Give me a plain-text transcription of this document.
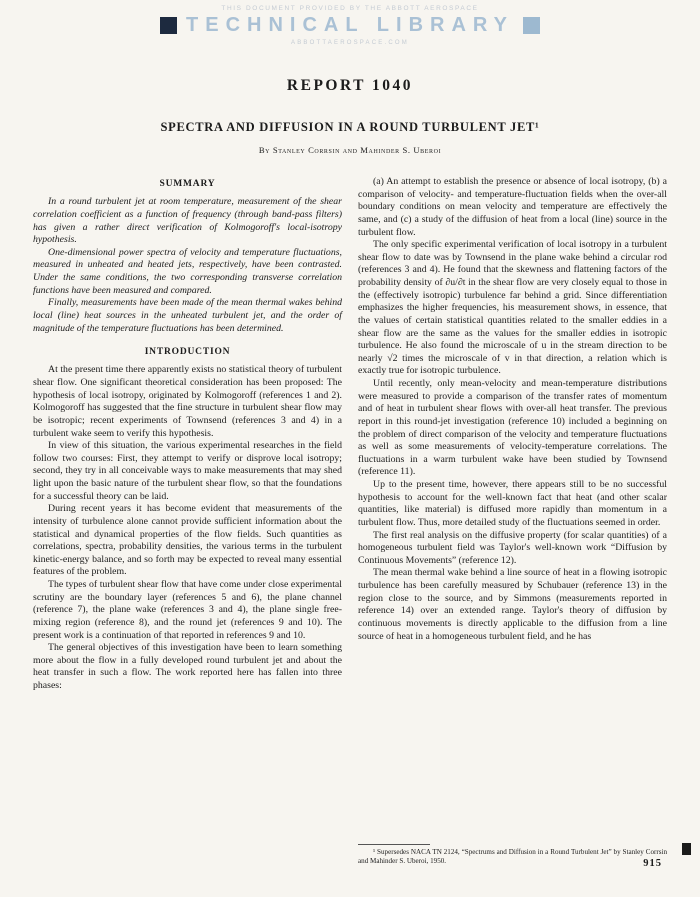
THIS DOCUMENT PROVIDED BY THE ABBOTT AEROSPACE
TECHNICAL LIBRARY
ABBOTTAEROSPACE.COM
REPORT 1040
SPECTRA AND DIFFUSION IN A ROUND TURBULENT JET¹
By Stanley Corrsin and Mahinder S. Uberoi
SUMMARY

In a round turbulent jet at room temperature, measurement of the shear correlation coefficient as a function of frequency (through band-pass filters) has given a rather direct verification of Kolmogoroff's local-isotropy hypothesis.

One-dimensional power spectra of velocity and temperature fluctuations, measured in unheated and heated jets, respectively, have been contrasted. Under the same conditions, the two corresponding transverse correlation functions have been measured and compared.

Finally, measurements have been made of the mean thermal wakes behind local (line) heat sources in the unheated turbulent jet, and the order of magnitude of the temperature fluctuations has been determined.

INTRODUCTION

At the present time there apparently exists no statistical theory of turbulent shear flow. One significant theoretical consideration has been proposed: The hypothesis of local isotropy, originated by Kolmogoroff (references 1 and 2). Kolmogoroff has suggested that the fine structure in turbulent shear flow may be isotropic; recent experiments of Townsend (references 3 and 4) in a turbulent wake seem to verify this hypothesis.

In view of this situation, the various experimental researches in the field follow two courses: First, they attempt to verify or disprove local isotropy; second, they try in all conceivable ways to make measurements that may shed light upon the basic nature of the turbulent shear flow, so that the foundations for a successful theory can be laid.

During recent years it has become evident that measurements of the intensity of turbulence alone cannot provide sufficient information about the statistical and dynamical properties of the flow fields. Such quantities as correlations, spectra, probability densities, the various terms in the turbulent kinetic-energy balance, and so forth may be expected to reveal many essential features of the problem.

The types of turbulent shear flow that have come under close experimental scrutiny are the boundary layer (references 5 and 6), the plane channel (reference 7), the plane wake (references 3 and 4), the plane single free-mixing region (reference 8), and the round jet (references 9 and 10). The present work is a continuation of that reported in references 9 and 10.

The general objectives of this investigation have been to learn something more about the flow in a fully developed round turbulent jet and about the heat transfer in such a flow. The work reported here has fallen into three phases:

(a) An attempt to establish the presence or absence of local isotropy, (b) a comparison of velocity- and temperature-fluctuation fields when the over-all boundary conditions on mean velocity and temperature are effectively the same, and (c) a study of the diffusion of heat from a local (line) source in the turbulent flow.

The only specific experimental verification of local isotropy in a turbulent shear flow to date was by Townsend in the plane wake behind a circular rod (references 3 and 4). He found that the skewness and flattening factors of the probability density of ∂u/∂t in the shear flow are very closely equal to those in the (effectively isotropic) turbulence far behind a grid. Since differentiation emphasizes the higher frequencies, his measurement shows, in essence, that the values of certain statistical quantities related to the smaller eddies in a shear flow are the same as the values for the smaller eddies in isotropic turbulence. He also found the microscale of u in the stream direction to be nearly √2 times the microscale of v in that direction, a relation which is exactly true for isotropic turbulence.

Until recently, only mean-velocity and mean-temperature distributions were measured to provide a comparison of the transfer rates of momentum and of heat in turbulent shear flows with over-all heat transfer. The previous report in this round-jet investigation (reference 10) included a beginning on the problem of direct comparison of the velocity and temperature fluctuations as well as some measurements of velocity-temperature correlations. The fluctuations in a warm turbulent wake have been studied by Townsend (reference 11).

Up to the present time, however, there appears still to be no successful hypothesis to account for the well-known fact that heat (and other scalar quantities, like material) is diffused more rapidly than momentum in a turbulent flow. Thus, more detailed study of the fluctuations seemed in order.

The first real analysis on the diffusive property (for scalar quantities) of a homogeneous turbulent field was Taylor's well-known work “Diffusion by Continuous Movements” (reference 12).

The mean thermal wake behind a line source of heat in a flowing isotropic turbulence has been carefully measured by Schubauer (reference 13) in the region close to the source, and by Simmons (measurements reported in reference 14) over an extended range. Taylor's theory of diffusion by continuous movements is directly applicable to the diffusion from a line source of heat in a homogeneous turbulent field, and he has

¹ Supersedes NACA TN 2124, “Spectrums and Diffusion in a Round Turbulent Jet” by Stanley Corrsin and Mahinder S. Uberoi, 1950.	915
